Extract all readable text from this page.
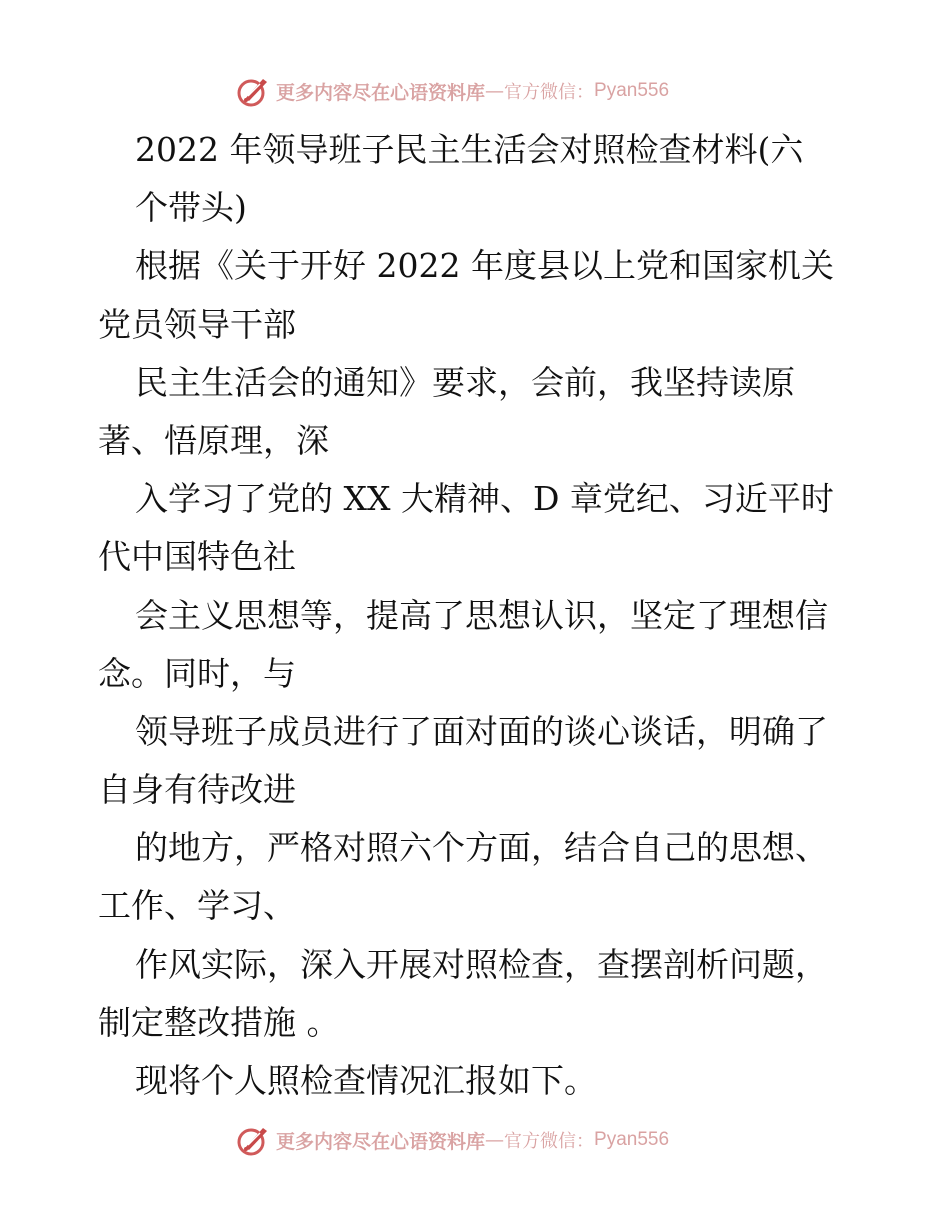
更多内容尽在心语资料库 — 官方微信： Pyan556
2022 年领导班子民主生活会对照检查材料(六
个带头)
根据《关于开好 2022 年度县以上党和国家机关
党员领导干部
民主生活会的通知》要求，会前，我坚持读原
著、悟原理，深
入学习了党的 XX 大精神、D 章党纪、习近平时
代中国特色社
会主义思想等，提高了思想认识，坚定了理想信
念。同时，与
领导班子成员进行了面对面的谈心谈话，明确了
自身有待改进
的地方，严格对照六个方面，结合自己的思想、
工作、学习、
作风实际，深入开展对照检查，查摆剖析问题，
制定整改措施 。
现将个人照检查情况汇报如下。
更多内容尽在心语资料库 — 官方微信： Pyan556
